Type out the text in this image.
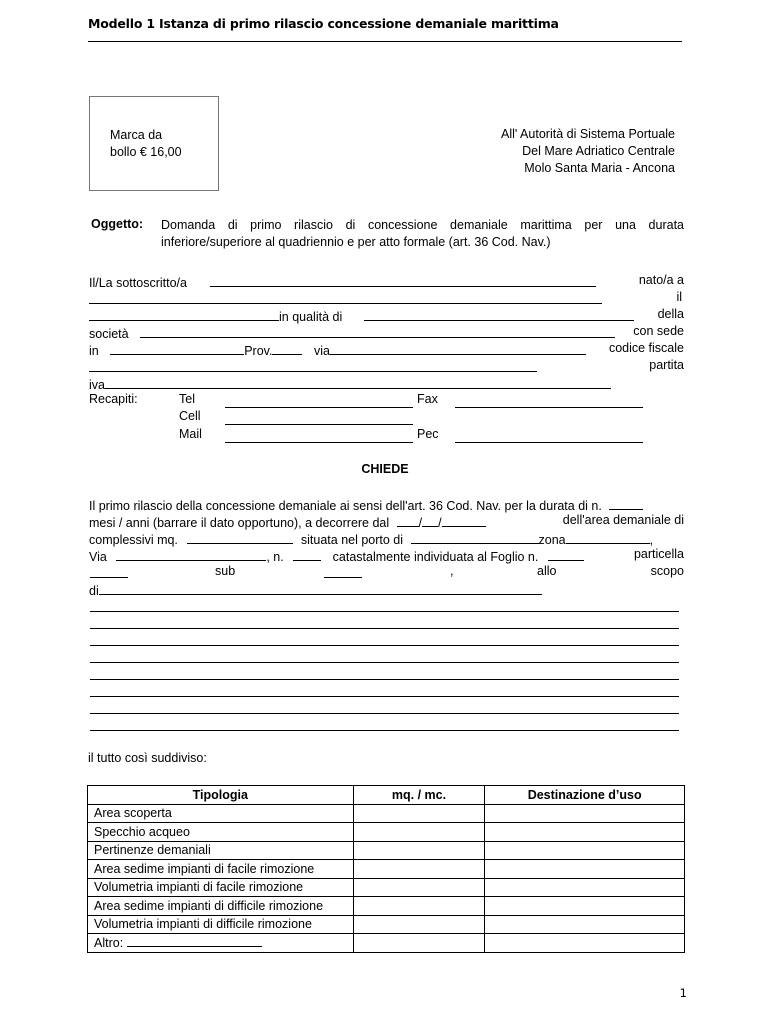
Modello 1 Istanza di primo rilascio concessione demaniale marittima
Marca da
bollo € 16,00
All' Autorità di Sistema Portuale
Del Mare Adriatico Centrale
Molo Santa Maria - Ancona
Oggetto: Domanda di primo rilascio di concessione demaniale marittima per una durata inferiore/superiore al quadriennio e per atto formale (art. 36 Cod. Nav.)
Il/La sottoscritto/a	nato/a a
il
in qualità di	della
società	con sede
in	Prov.	via	codice fiscale
partita
iva
Recapiti:	Tel	Fax
Cell
Mail	Pec
CHIEDE
Il primo rilascio della concessione demaniale ai sensi dell'art. 36 Cod. Nav. per la durata di n.
mesi / anni (barrare il dato opportuno), a decorrere dal / /	dell'area demaniale di
complessivi mq.	situata nel porto di	zona	,
Via	, n.	catastalmente individuata al Foglio n.	particella
sub	,	allo	scopo
di
il tutto così suddiviso:
Tipologia	mq. / mc.	Destinazione d’uso
Area scoperta		
Specchio acqueo		
Pertinenze demaniali		
Area sedime impianti di facile rimozione		
Volumetria impianti di facile rimozione		
Area sedime impianti di difficile rimozione		
Volumetria impianti di difficile rimozione		
Altro:		
1
